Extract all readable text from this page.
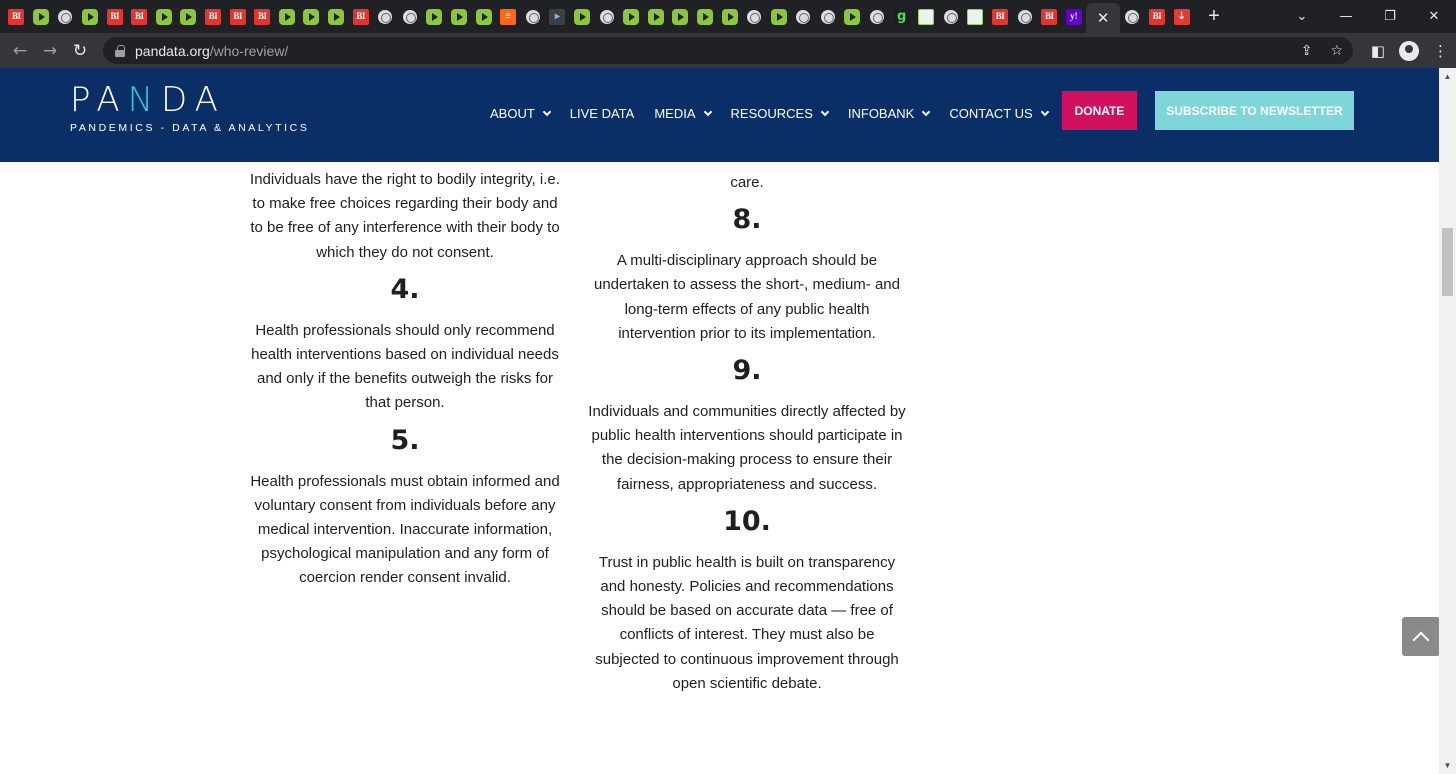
BI	BI	BI	BI	BI	BI	BI	≡	▸	g	BI	BI	y!	✕	BI	⇣	+	⌄	—	❐	✕
← → ↻	pandata.org/who-review/	⇪ ☆ ◧	⋮
PANDA
PANDEMICS - DATA & ANALYTICS
ABOUT	LIVE DATA MEDIA	RESOURCES	INFOBANK	CONTACT US	DONATE	SUBSCRIBE TO NEWSLETTER

Individuals have the right to bodily integrity, i.e. to make free choices regarding their body and to be free of any interference with their body to which they do not consent.

4.

Health professionals should only recommend health interventions based on individual needs and only if the benefits outweigh the risks for that person.

5.

Health professionals must obtain informed and voluntary consent from individuals before any medical intervention. Inaccurate information, psychological manipulation and any form of coercion render consent invalid.

care.

8.

A multi-disciplinary approach should be undertaken to assess the short-, medium- and long-term effects of any public health intervention prior to its implementation.

9.

Individuals and communities directly affected by public health interventions should participate in the decision-making process to ensure their fairness, appropriateness and success.

10.

Trust in public health is built on transparency and honesty. Policies and recommendations should be based on accurate data — free of conflicts of interest. They must also be subjected to continuous improvement through open scientific debate.

▲
▼
